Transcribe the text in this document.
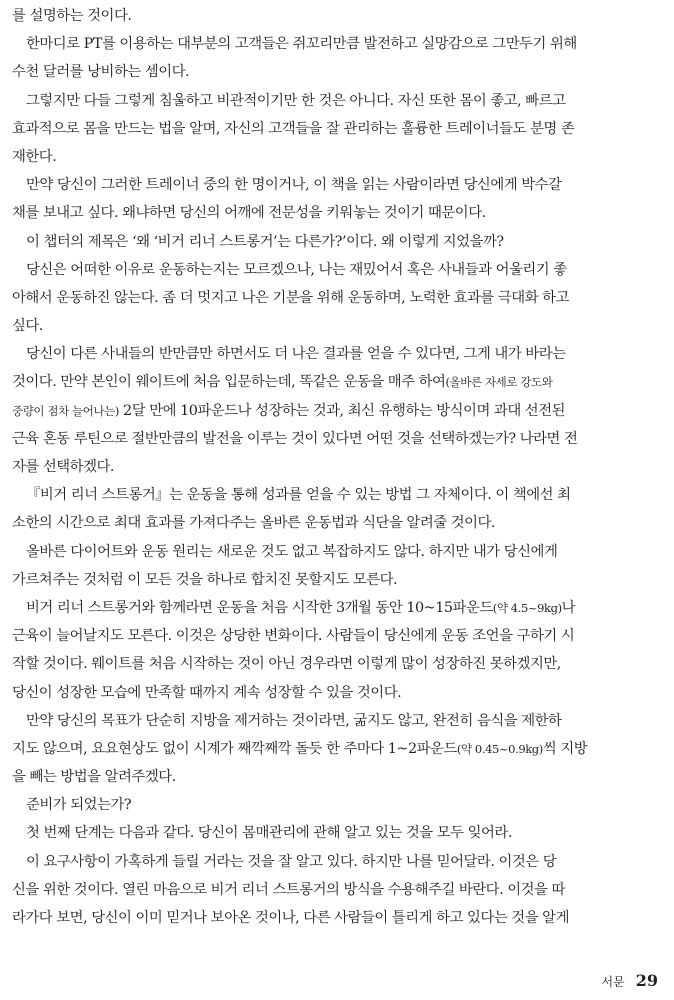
를 설명하는 것이다.
한마디로 PT를 이용하는 대부분의 고객들은 쥐꼬리만큼 발전하고 실망감으로 그만두기 위해
수천 달러를 낭비하는 셈이다.
그렇지만 다들 그렇게 침울하고 비관적이기만 한 것은 아니다. 자신 또한 몸이 좋고, 빠르고
효과적으로 몸을 만드는 법을 알며, 자신의 고객들을 잘 관리하는 훌륭한 트레이너들도 분명 존
재한다.
만약 당신이 그러한 트레이너 중의 한 명이거나, 이 책을 읽는 사람이라면 당신에게 박수갈
채를 보내고 싶다. 왜냐하면 당신의 어깨에 전문성을 키워놓는 것이기 때문이다.
이 챕터의 제목은 ‘왜 ‘비거 리너 스트롱거’는 다른가?’이다. 왜 이렇게 지었을까?
당신은 어떠한 이유로 운동하는지는 모르겠으나, 나는 재밌어서 혹은 사내들과 어울리기 좋
아해서 운동하진 않는다. 좀 더 멋지고 나은 기분을 위해 운동하며, 노력한 효과를 극대화 하고
싶다.
당신이 다른 사내들의 반만큼만 하면서도 더 나은 결과를 얻을 수 있다면, 그게 내가 바라는
것이다. 만약 본인이 웨이트에 처음 입문하는데, 똑같은 운동을 매주 하여(올바른 자세로 강도와
중량이 점차 늘어나는) 2달 만에 10파운드나 성장하는 것과, 최신 유행하는 방식이며 과대 선전된
근육 혼동 루틴으로 절반만큼의 발전을 이루는 것이 있다면 어떤 것을 선택하겠는가? 나라면 전
자를 선택하겠다.
『비거 리너 스트롱거』는 운동을 통해 성과를 얻을 수 있는 방법 그 자체이다. 이 책에선 최
소한의 시간으로 최대 효과를 가져다주는 올바른 운동법과 식단을 알려줄 것이다.
올바른 다이어트와 운동 원리는 새로운 것도 없고 복잡하지도 않다. 하지만 내가 당신에게
가르쳐주는 것처럼 이 모든 것을 하나로 합치진 못할지도 모른다.
비거 리너 스트롱거와 함께라면 운동을 처음 시작한 3개월 동안 10~15파운드(약 4.5~9kg)나
근육이 늘어날지도 모른다. 이것은 상당한 변화이다. 사람들이 당신에게 운동 조언을 구하기 시
작할 것이다. 웨이트를 처음 시작하는 것이 아닌 경우라면 이렇게 많이 성장하진 못하겠지만,
당신이 성장한 모습에 만족할 때까지 계속 성장할 수 있을 것이다.
만약 당신의 목표가 단순히 지방을 제거하는 것이라면, 굶지도 않고, 완전히 음식을 제한하
지도 않으며, 요요현상도 없이 시계가 째깍째깍 돌듯 한 주마다 1~2파운드(약 0.45~0.9kg)씩 지방
을 빼는 방법을 알려주겠다.
준비가 되었는가?
첫 번째 단계는 다음과 같다. 당신이 몸매관리에 관해 알고 있는 것을 모두 잊어라.
이 요구사항이 가혹하게 들릴 거라는 것을 잘 알고 있다. 하지만 나를 믿어달라. 이것은 당
신을 위한 것이다. 열린 마음으로 비거 리너 스트롱거의 방식을 수용해주길 바란다. 이것을 따
라가다 보면, 당신이 이미 믿거나 보아온 것이나, 다른 사람들이 틀리게 하고 있다는 것을 알게
서문 29
